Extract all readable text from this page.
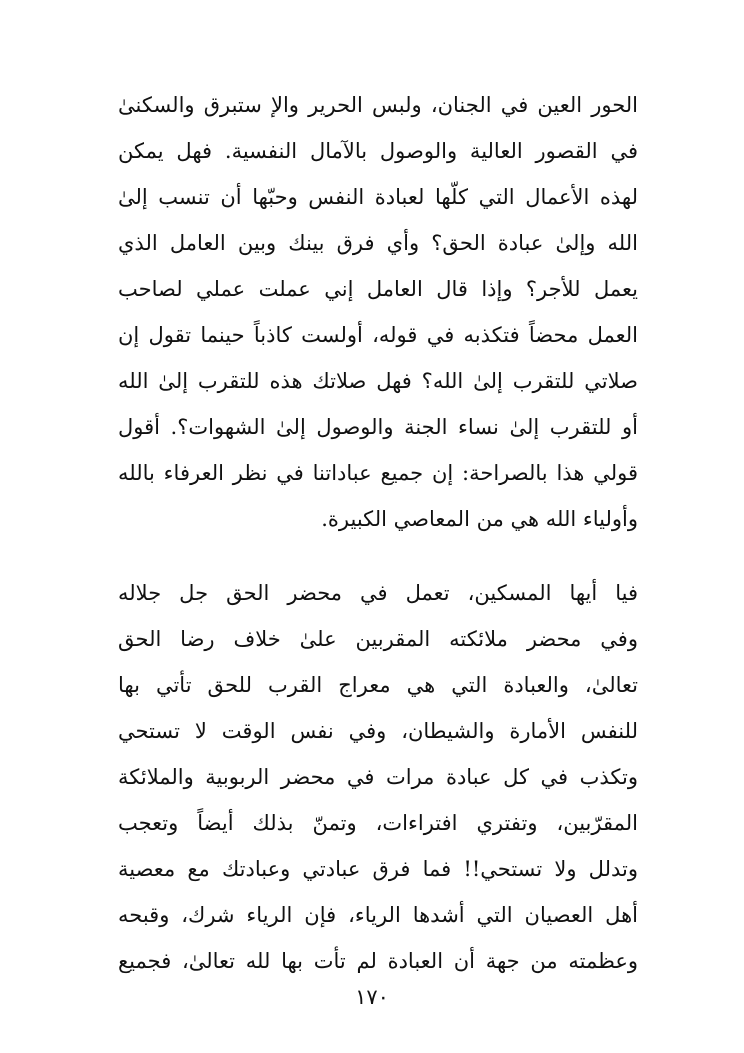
الحور العين في الجنان، ولبس الحرير والإ ستبرق والسكنىٰ
في القصور العالية والوصول بالآمال النفسية. فهل يمكن
لهذه الأعمال التي كلّها لعبادة النفس وحبّها أن تنسب إلىٰ
الله وإلىٰ عبادة الحق؟ وأي فرق بينك وبين العامل الذي
يعمل للأجر؟ وإذا قال العامل إني عملت عملي لصاحب
العمل محضاً فتكذبه في قوله، أولست كاذباً حينما تقول إن
صلاتي للتقرب إلىٰ الله؟ فهل صلاتك هذه للتقرب إلىٰ الله
أو للتقرب إلىٰ نساء الجنة والوصول إلىٰ الشهوات؟. أقول
قولي هذا بالصراحة: إن جميع عباداتنا في نظر العرفاء بالله
وأولياء الله هي من المعاصي الكبيرة.
فيا أيها المسكين، تعمل في محضر الحق جل جلاله
وفي محضر ملائكته المقربين علىٰ خلاف رضا الحق
تعالىٰ، والعبادة التي هي معراج القرب للحق تأتي بها
للنفس الأمارة والشيطان، وفي نفس الوقت لا تستحي
وتكذب في كل عبادة مرات في محضر الربوبية والملائكة
المقرّبين، وتفتري افتراءات، وتمنّ بذلك أيضاً وتعجب
وتدلل ولا تستحي!! فما فرق عبادتي وعبادتك مع معصية
أهل العصيان التي أشدها الرياء، فإن الرياء شرك، وقبحه
وعظمته من جهة أن العبادة لم تأت بها لله تعالىٰ، فجميع
١٧٠
